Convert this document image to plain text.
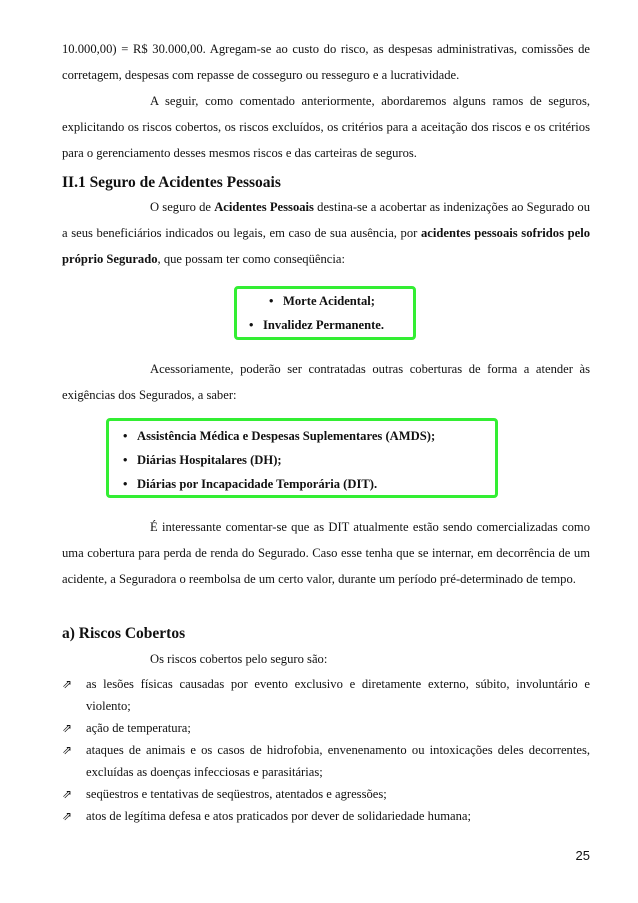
10.000,00) = R$ 30.000,00. Agregam-se ao custo do risco, as despesas administrativas, comissões de corretagem, despesas com repasse de cosseguro ou resseguro e a lucratividade.
A seguir, como comentado anteriormente, abordaremos alguns ramos de seguros, explicitando os riscos cobertos, os riscos excluídos, os critérios para a aceitação dos riscos e os critérios para o gerenciamento desses mesmos riscos e das carteiras de seguros.
II.1 Seguro de Acidentes Pessoais
O seguro de Acidentes Pessoais destina-se a acobertar as indenizações ao Segurado ou a seus beneficiários indicados ou legais, em caso de sua ausência, por acidentes pessoais sofridos pelo próprio Segurado, que possam ter como conseqüência:
• Morte Acidental;
• Invalidez Permanente.
Acessoriamente, poderão ser contratadas outras coberturas de forma a atender às exigências dos Segurados, a saber:
• Assistência Médica e Despesas Suplementares (AMDS);
• Diárias Hospitalares (DH);
• Diárias por Incapacidade Temporária (DIT).
É interessante comentar-se que as DIT atualmente estão sendo comercializadas como uma cobertura para perda de renda do Segurado. Caso esse tenha que se internar, em decorrência de um acidente, a Seguradora o reembolsa de um certo valor, durante um período pré-determinado de tempo.
a) Riscos Cobertos
Os riscos cobertos pelo seguro são:
⇗	as lesões físicas causadas por evento exclusivo e diretamente externo, súbito, involuntário e violento;
⇗	ação de temperatura;
⇗	ataques de animais e os casos de hidrofobia, envenenamento ou intoxicações deles decorrentes, excluídas as doenças infecciosas e parasitárias;
⇗	seqüestros e tentativas de seqüestros, atentados e agressões;
⇗	atos de legítima defesa e atos praticados por dever de solidariedade humana;
25
